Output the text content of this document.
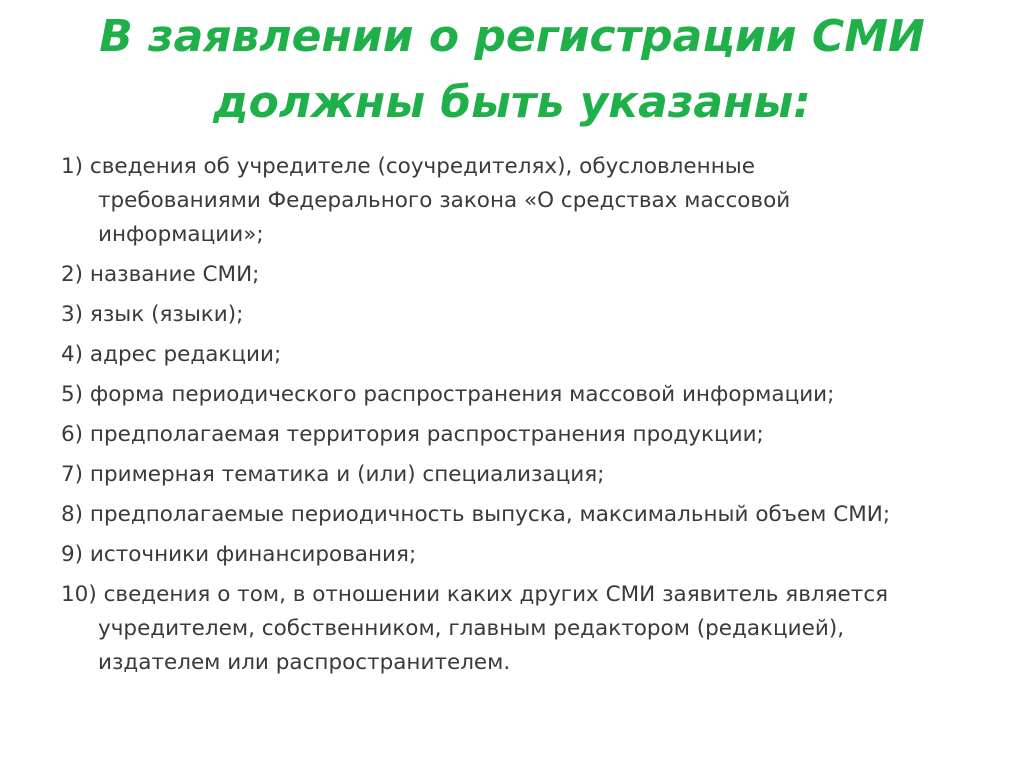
В заявлении о регистрации СМИ
должны быть указаны:
1) сведения об учредителе (соучредителях), обусловленные
требованиями Федерального закона «О средствах массовой
информации»;
2) название СМИ;
3) язык (языки);
4) адрес редакции;
5) форма периодического распространения массовой информации;
6) предполагаемая территория распространения продукции;
7) примерная тематика и (или) специализация;
8) предполагаемые периодичность выпуска, максимальный объем СМИ;
9) источники финансирования;
10) сведения о том, в отношении каких других СМИ заявитель является
учредителем, собственником, главным редактором (редакцией),
издателем или распространителем.
